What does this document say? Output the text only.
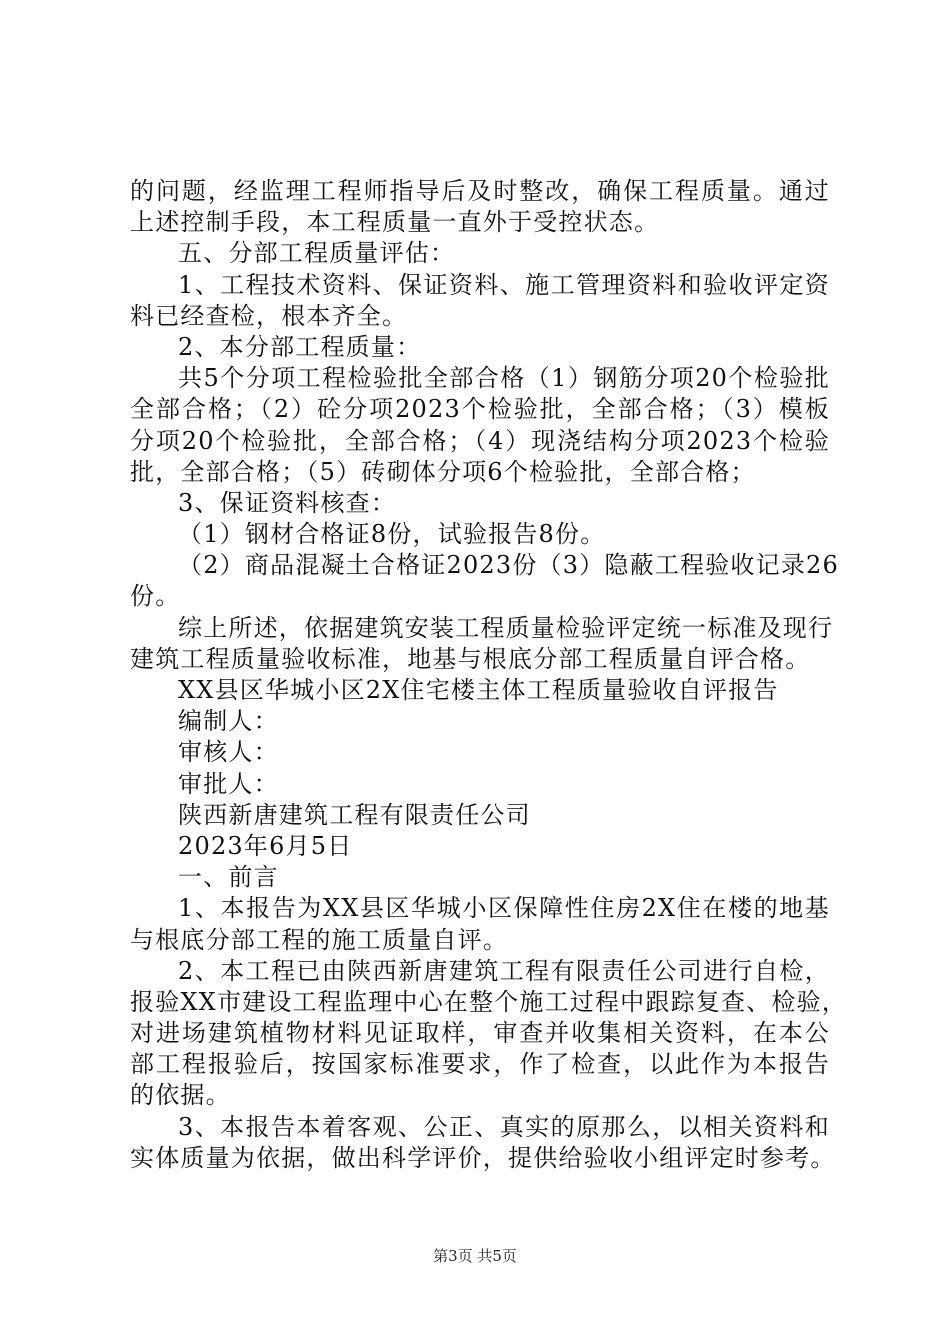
的问题，经监理工程师指导后及时整改，确保工程质量。通过
上述控制手段，本工程质量一直外于受控状态。
五、分部工程质量评估：
1、工程技术资料、保证资料、施工管理资料和验收评定资
料已经查检，根本齐全。
2、本分部工程质量：
共5个分项工程检验批全部合格（1）钢筋分项20个检验批
全部合格；（2）砼分项2023个检验批，全部合格；（3）模板
分项20个检验批，全部合格；（4）现浇结构分项2023个检验
批，全部合格；（5）砖砌体分项6个检验批，全部合格；
3、保证资料核查：
（1）钢材合格证8份，试验报告8份。
（2）商品混凝土合格证2023份（3）隐蔽工程验收记录26
份。
综上所述，依据建筑安装工程质量检验评定统一标准及现行
建筑工程质量验收标准，地基与根底分部工程质量自评合格。
XX县区华城小区2X住宅楼主体工程质量验收自评报告
编制人：
审核人：
审批人：
陕西新唐建筑工程有限责任公司
2023年6月5日
一、前言
1、本报告为XX县区华城小区保障性住房2X住在楼的地基
与根底分部工程的施工质量自评。
2、本工程已由陕西新唐建筑工程有限责任公司进行自检，
报验XX市建设工程监理中心在整个施工过程中跟踪复查、检验，
对进场建筑植物材料见证取样，审查并收集相关资料，在本公
部工程报验后，按国家标准要求，作了检查，以此作为本报告
的依据。
3、本报告本着客观、公正、真实的原那么，以相关资料和
实体质量为依据，做出科学评价，提供给验收小组评定时参考。
第3页 共5页
